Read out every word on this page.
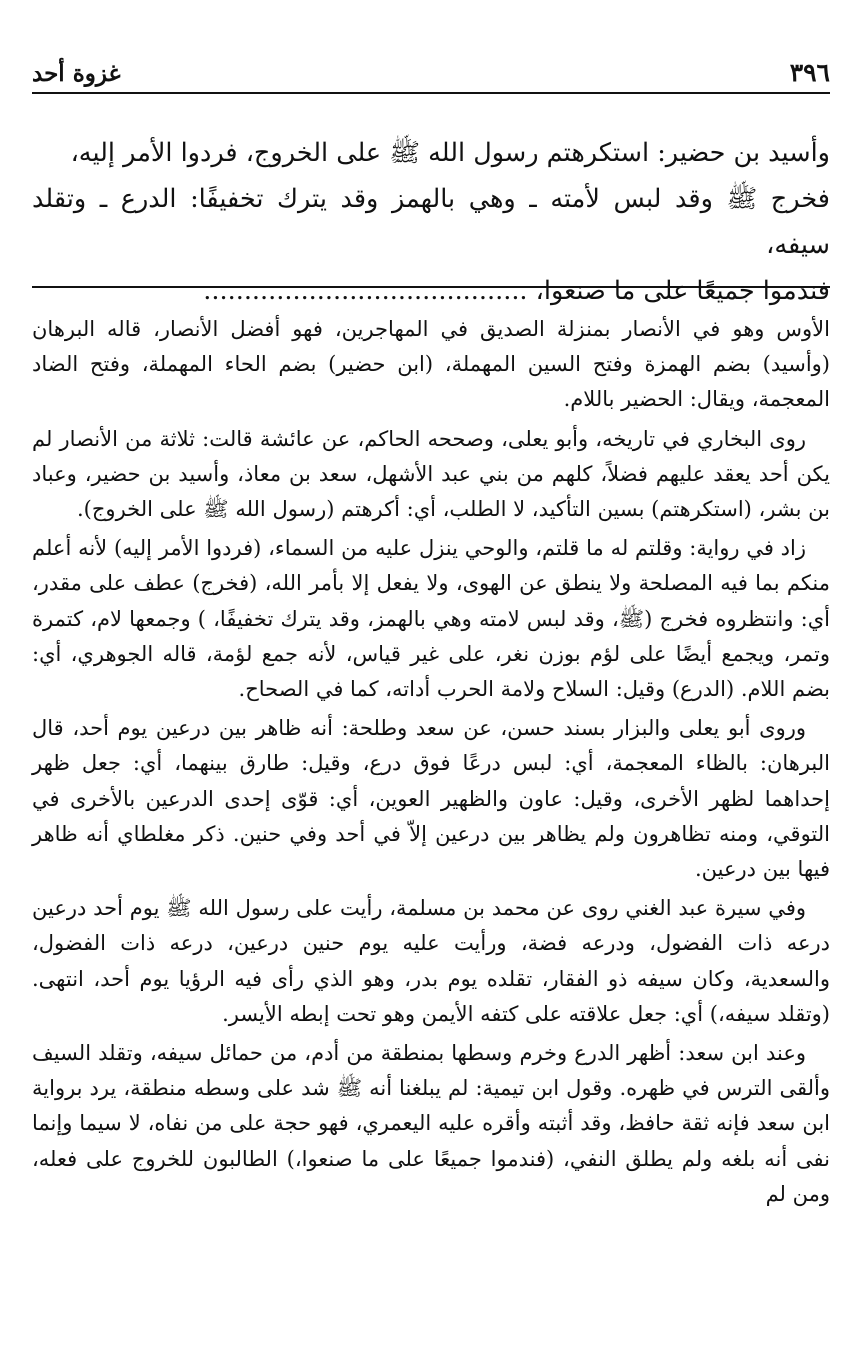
٣٩٦
غزوة أحد

وأسيد بن حضير: استكرهتم رسول الله ﷺ على الخروج، فردوا الأمر إليه،

فخرج ﷺ وقد لبس لأمته ـ وهي بالهمز وقد يترك تخفيفًا: الدرع ـ وتقلد سيفه،

فندموا جميعًا على ما صنعوا، ........................................

الأوس وهو في الأنصار بمنزلة الصديق في المهاجرين، فهو أفضل الأنصار، قاله البرهان (وأسيد) بضم الهمزة وفتح السين المهملة، (ابن حضير) بضم الحاء المهملة، وفتح الضاد المعجمة، ويقال: الحضير باللام.

روى البخاري في تاريخه، وأبو يعلى، وصححه الحاكم، عن عائشة قالت: ثلاثة من الأنصار لم يكن أحد يعقد عليهم فضلاً، كلهم من بني عبد الأشهل، سعد بن معاذ، وأسيد بن حضير، وعباد بن بشر، (استكرهتم) بسين التأكيد، لا الطلب، أي: أكرهتم (رسول الله ﷺ على الخروج).

زاد في رواية: وقلتم له ما قلتم، والوحي ينزل عليه من السماء، (فردوا الأمر إليه) لأنه أعلم منكم بما فيه المصلحة ولا ينطق عن الهوى، ولا يفعل إلا بأمر الله، (فخرج) عطف على مقدر، أي: وانتظروه فخرج (ﷺ، وقد لبس لامته وهي بالهمز، وقد يترك تخفيفًا، ) وجمعها لام، كتمرة وتمر، ويجمع أيضًا على لؤم بوزن نغر، على غير قياس، لأنه جمع لؤمة، قاله الجوهري، أي: بضم اللام. (الدرع) وقيل: السلاح ولامة الحرب أداته، كما في الصحاح.

وروى أبو يعلى والبزار بسند حسن، عن سعد وطلحة: أنه ظاهر بين درعين يوم أحد، قال البرهان: بالظاء المعجمة، أي: لبس درعًا فوق درع، وقيل: طارق بينهما، أي: جعل ظهر إحداهما لظهر الأخرى، وقيل: عاون والظهير العوين، أي: قوّى إحدى الدرعين بالأخرى في التوقي، ومنه تظاهرون ولم يظاهر بين درعين إلاّ في أحد وفي حنين. ذكر مغلطاي أنه ظاهر فيها بين درعين.

وفي سيرة عبد الغني روى عن محمد بن مسلمة، رأيت على رسول الله ﷺ يوم أحد درعين درعه ذات الفضول، ودرعه فضة، ورأيت عليه يوم حنين درعين، درعه ذات الفضول، والسعدية، وكان سيفه ذو الفقار، تقلده يوم بدر، وهو الذي رأى فيه الرؤيا يوم أحد، انتهى. (وتقلد سيفه،) أي: جعل علاقته على كتفه الأيمن وهو تحت إبطه الأيسر.

وعند ابن سعد: أظهر الدرع وخرم وسطها بمنطقة من أدم، من حمائل سيفه، وتقلد السيف وألقى الترس في ظهره. وقول ابن تيمية: لم يبلغنا أنه ﷺ شد على وسطه منطقة، يرد برواية ابن سعد فإنه ثقة حافظ، وقد أثبته وأقره عليه اليعمري، فهو حجة على من نفاه، لا سيما وإنما نفى أنه بلغه ولم يطلق النفي، (فندموا جميعًا على ما صنعوا،) الطالبون للخروج على فعله، ومن لم
